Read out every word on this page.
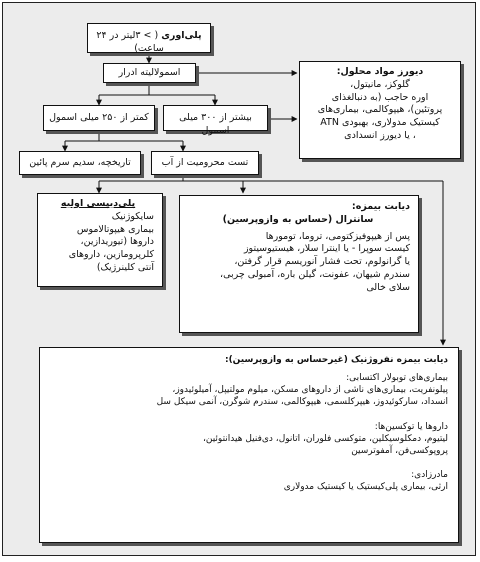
پلی‌اوری ( > ۳لیتر در ۲۴ ساعت)
اسمولالیته ادرار
بیشتر از ۳۰۰ میلی اسمول
کمتر از ۲۵۰ میلی اسمول
دیورز مواد محلول:
گلوکز، مانیتول،
اوره حاجب (به دنبالغذای
پروتئین)، هیپوکالمی، بیماری‌های
کیستیک مدولاری، بهبودی ATN
، یا دیورز انسدادی
تاریخچه، سدیم سرم پائین	تست محرومیت از آب
پلی‌دیپسی اولیه
سایکوژنیک
بیماری هیپوتالاموس
داروها (تیوریدازین،
کلرپرومازین، داروهای
آنتی کلینرژیک)
دیابت بیمزه:
سانترال (حساس به وازوپرسین)
پس از هیپوفیزکتومی، تروما، تومورها
کیست سوپرا - یا اینترا سلار، هیستیوسیتوز
یا گرانولوم، تحت فشار آنوریسم قرار گرفتن،
سندرم شیهان، عفونت، گیلن باره، آمبولی چربی،
سلای خالی
دیابت بیمزه نفروژنیک (غیرحساس به وازوپرسین):
بیماری‌های توبولار اکتسابی:
پیلونفریت، بیماری‌های ناشی از داروهای مسکن، میلوم مولتیپل، آمیلوئیدوز،
انسداد، سارکوئیدوز، هیپرکلسمی، هیپوکالمی، سندرم شوگرن، آنمی سیکل سل
داروها یا توکسین‌ها:
لیتیوم، دمکلوسیکلین، متوکسی فلوران، اتانول، دی‌فنیل هیدانتوئین،
پروپوکسی‌فن، آمفوترسین
مادرزادی:
ارثی، بیماری پلی‌کیستیک یا کیستیک مدولاری
